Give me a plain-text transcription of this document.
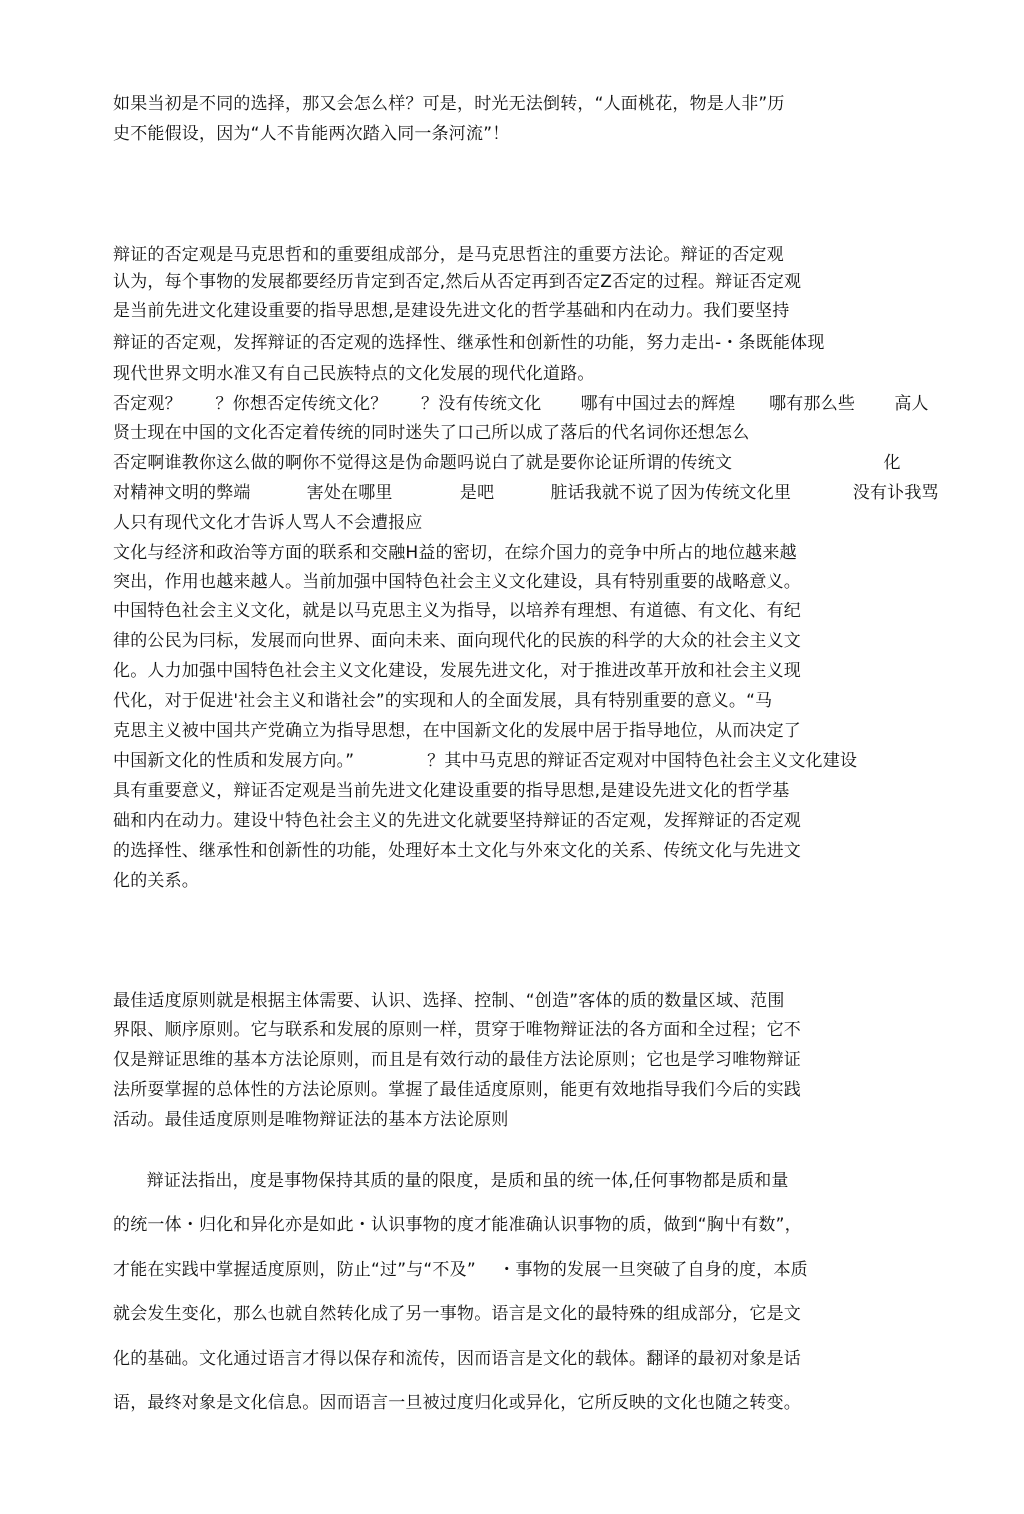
如果当初是不同的选择，那又会怎么样？可是，时光无法倒转，“人面桃花，物是人非”历
史不能假设，因为“人不肯能两次踏入同一条河流”！
辩证的否定观是马克思哲和的重要组成部分，是马克思哲注的重要方法论。辩证的否定观
认为，每个事物的发展都要经历肯定到否定,然后从否定再到否定Z否定的过程。辩证否定观
是当前先进文化建设重要的指导思想,是建设先进文化的哲学基础和内在动力。我们要坚持
辩证的否定观，发挥辩证的否定观的选择性、继承性和创新性的功能，努力走出-・条既能体现
现代世界文明水准又有自己民族特点的文化发展的现代化道路。
否定观？      ？你想否定传统文化？      ？没有传统文化       哪有中国过去的辉煌      哪有那么些       高人
贤士现在中国的文化否定着传统的同时迷失了口己所以成了落后的代名词你还想怎么
否定啊谁教你这么做的啊你不觉得这是伪命题吗说白了就是要你论证所谓的传统文                           化
对精神文明的弊端          害处在哪里            是吧          脏话我就不说了因为传统文化里           没有讣我骂
人只有现代文化才告诉人骂人不会遭报应
文化与经济和政治等方面的联系和交融H益的密切，在综介国力的竞争中所占的地位越来越
突出，作用也越来越人。当前加强中国特色社会主义文化建设，具有特别重要的战略意义。
中国特色社会主义文化，就是以马克思主义为指导，以培养有理想、有道德、有文化、有纪
律的公民为冃标，发展而向世界、面向未来、面向现代化的民族的科学的大众的社会主义文
化。人力加强中国特色社会主义文化建设，发展先进文化，对于推进改革开放和社会主义现
代化，对于促进'社会主义和谐社会”的实现和人的全面发展，具有特别重要的意义。“马
克思主义被中国共产党确立为指导思想，在中国新文化的发展中居于指导地位，从而决定了
中国新文化的性质和发展方向。”             ？其中马克思的辩证否定观对中国特色社会主义文化建设
具有重要意义，辩证否定观是当前先进文化建设重要的指导思想,是建设先进文化的哲学基
础和内在动力。建设屮特色社会主义的先进文化就要坚持辩证的否定观，发挥辩证的否定观
的选择性、继承性和创新性的功能，处理好本土文化与外來文化的关系、传统文化与先进文
化的关系。
最佳适度原则就是根据主体需要、认识、选择、控制、“创造”客体的质的数量区域、范围
界限、顺序原则。它与联系和发展的原则一样，贯穿于唯物辩证法的各方面和全过程；它不
仅是辩证思维的基本方法论原则，而且是有效行动的最佳方法论原则；它也是学习唯物辩证
法所耍掌握的总体性的方法论原则。掌握了最佳适度原则，能更有效地指导我们今后的实践
活动。最佳适度原则是唯物辩证法的基本方法论原则
辩证法指出，度是事物保持其质的量的限度，是质和虽的统一体,任何事物都是质和量
的统一体・归化和异化亦是如此・认识事物的度才能准确认识事物的质，做到“胸屮有数”，
才能在实践中掌握适度原则，防止“过”与“不及”    ・事物的发展一旦突破了自身的度，本质
就会发生变化，那么也就自然转化成了另一事物。语言是文化的最特殊的组成部分，它是文
化的基础。文化通过语言才得以保存和流传，因而语言是文化的载体。翻译的最初对象是话
语，最终对象是文化信息。因而语言一旦被过度归化或异化，它所反映的文化也随之转变。
